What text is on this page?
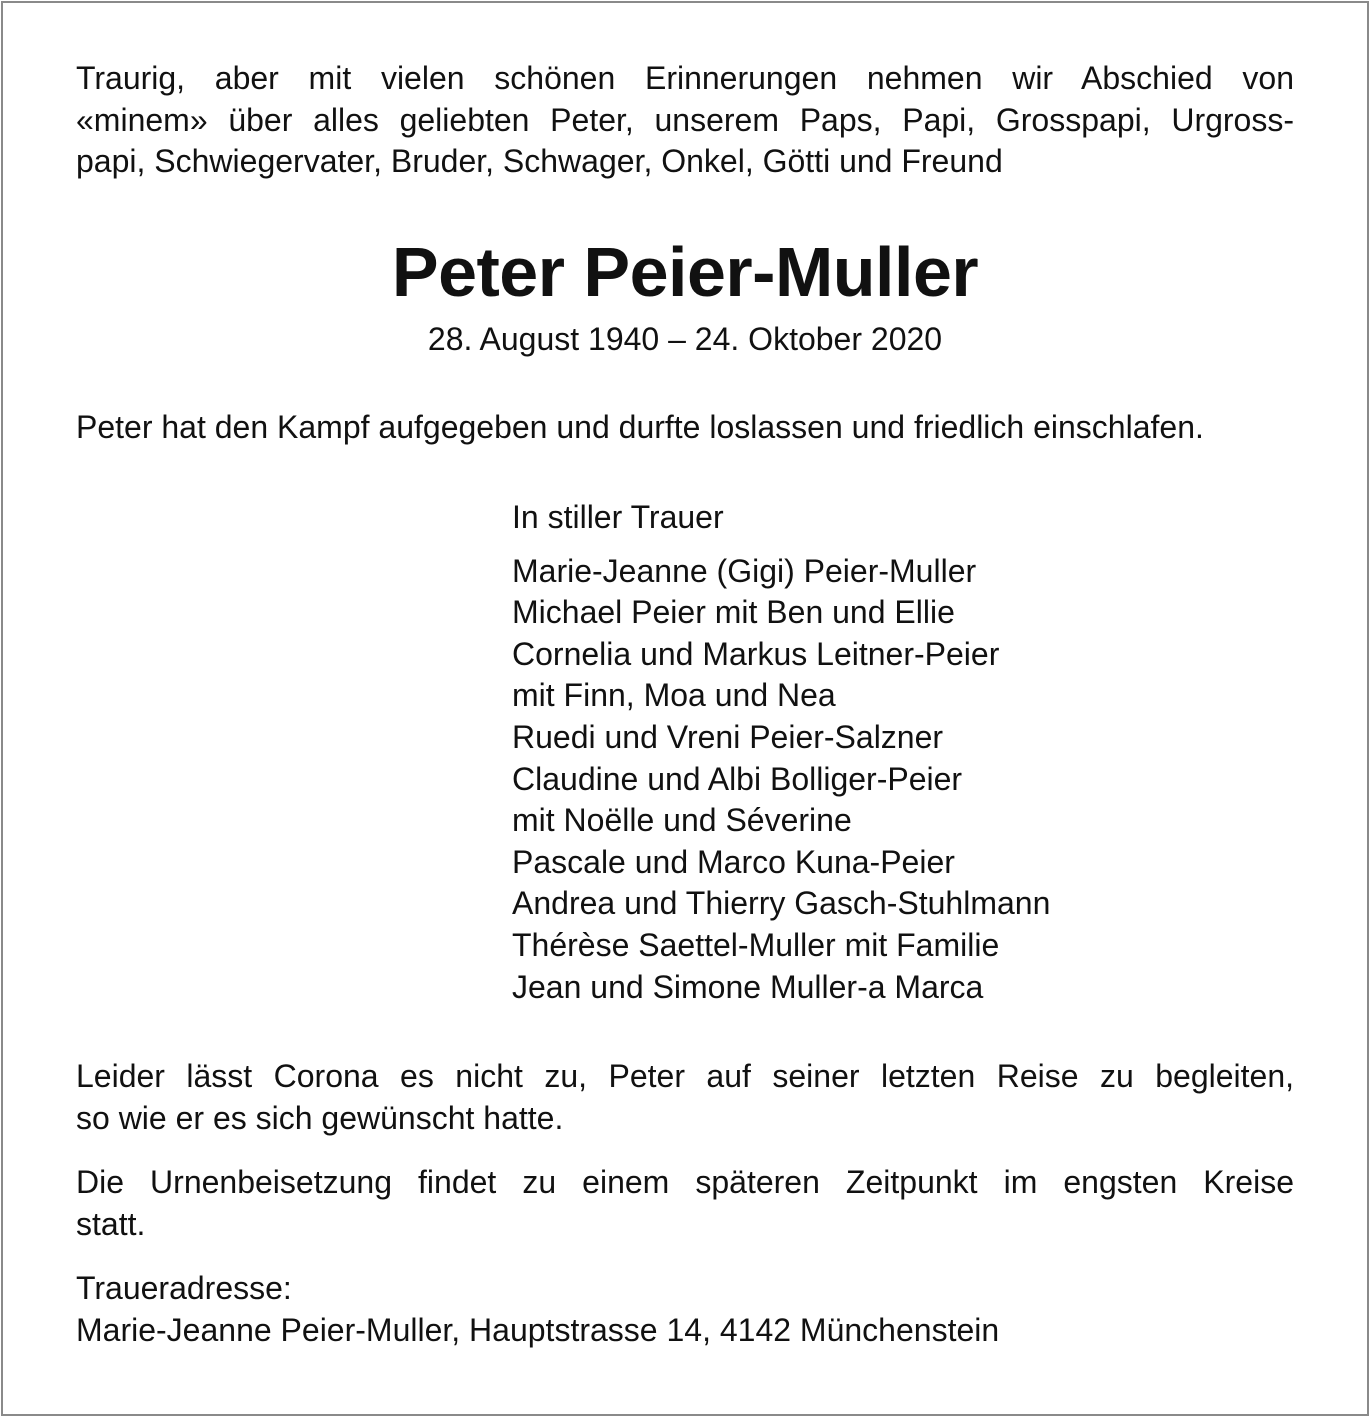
Traurig, aber mit vielen schönen Erinnerungen nehmen wir Abschied von
«minem» über alles geliebten Peter, unserem Paps, Papi, Grosspapi, Urgross-
papi, Schwiegervater, Bruder, Schwager, Onkel, Götti und Freund

Peter Peier-Muller

28. August 1940 – 24. Oktober 2020

Peter hat den Kampf aufgegeben und durfte loslassen und friedlich einschlafen.

In stiller Trauer
Marie-Jeanne (Gigi) Peier-Muller
Michael Peier mit Ben und Ellie
Cornelia und Markus Leitner-Peier
mit Finn, Moa und Nea
Ruedi und Vreni Peier-Salzner
Claudine und Albi Bolliger-Peier
mit Noëlle und Séverine
Pascale und Marco Kuna-Peier
Andrea und Thierry Gasch-Stuhlmann
Thérèse Saettel-Muller mit Familie
Jean und Simone Muller-a Marca

Leider lässt Corona es nicht zu, Peter auf seiner letzten Reise zu begleiten,
so wie er es sich gewünscht hatte.

Die Urnenbeisetzung findet zu einem späteren Zeitpunkt im engsten Kreise
statt.

Traueradresse:
Marie-Jeanne Peier-Muller, Hauptstrasse 14, 4142 Münchenstein
